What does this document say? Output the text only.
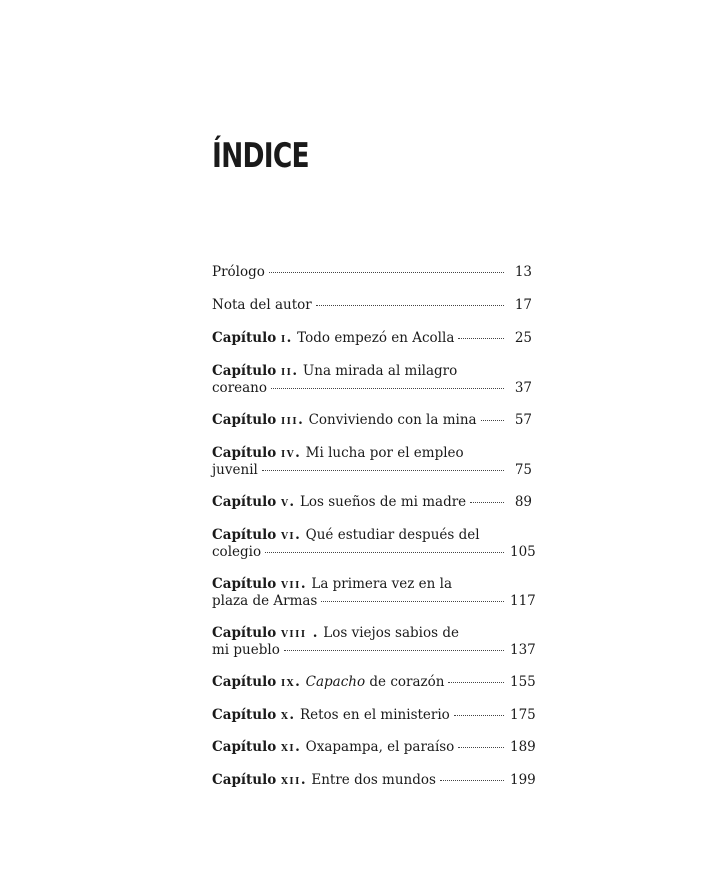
ÍNDICE
Prólogo	13
Nota del autor	17
Capítulo i. Todo empezó en Acolla	25
Capítulo ii. Una mirada al milagro
coreano	37
Capítulo iii. Conviviendo con la mina	57
Capítulo iv. Mi lucha por el empleo
juvenil	75
Capítulo v. Los sueños de mi madre	89
Capítulo vi. Qué estudiar después del
colegio	105
Capítulo vii. La primera vez en la
plaza de Armas	117
Capítulo viii . Los viejos sabios de
mi pueblo	137
Capítulo ix. Capacho de corazón	155
Capítulo x. Retos en el ministerio	175
Capítulo xi. Oxapampa, el paraíso	189
Capítulo xii. Entre dos mundos	199
